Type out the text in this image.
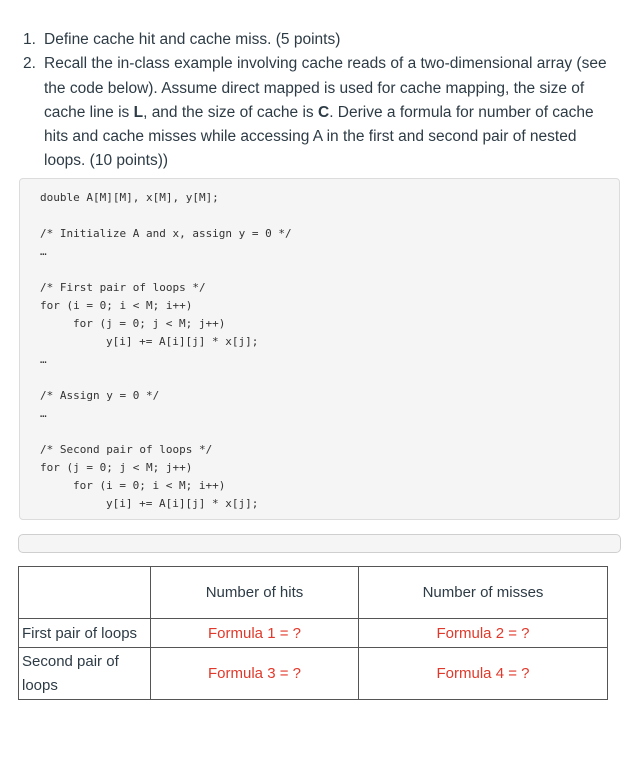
1. Define cache hit and cache miss. (5 points)
2. Recall the in-class example involving cache reads of a two-dimensional array (see the code below). Assume direct mapped is used for cache mapping, the size of cache line is L, and the size of cache is C. Derive a formula for number of cache hits and cache misses while accessing A in the first and second pair of nested loops. (10 points))
double A[M][M], x[M], y[M];
/* Initialize A and x, assign y = 0 */
…
/* First pair of loops */
for (i = 0; i < M; i++)
for (j = 0; j < M; j++)
y[i] += A[i][j] * x[j];
…
/* Assign y = 0 */
…
/* Second pair of loops */
for (j = 0; j < M; j++)
for (i = 0; i < M; i++)
y[i] += A[i][j] * x[j];
	Number of hits	Number of misses
First pair of loops	Formula 1 = ?	Formula 2 = ?
Second pair of loops	Formula 3 = ?	Formula 4 = ?
